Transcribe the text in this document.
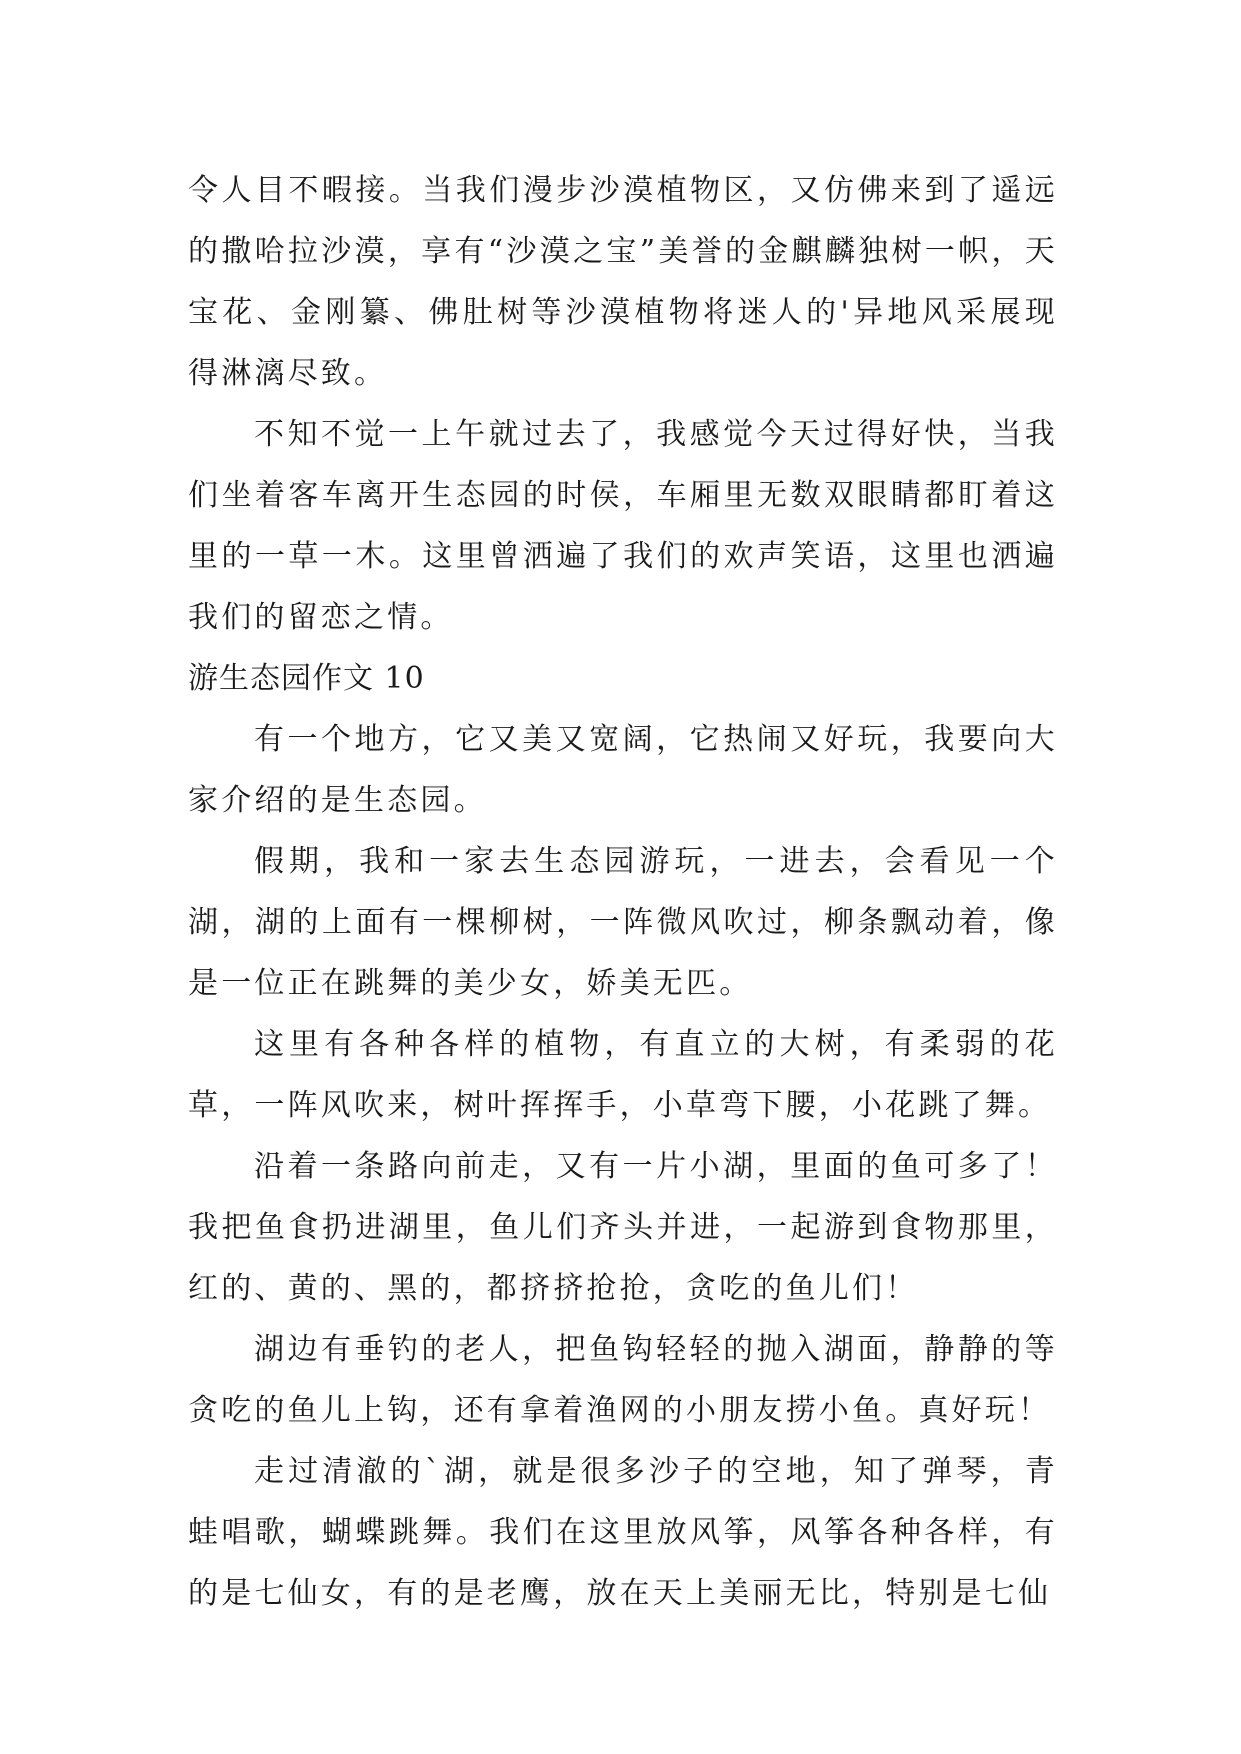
令人目不暇接。当我们漫步沙漠植物区，又仿佛来到了遥远的撒哈拉沙漠，享有“沙漠之宝”美誉的金麒麟独树一帜，天宝花、金刚纂、佛肚树等沙漠植物将迷人的'异地风采展现得淋漓尽致。

不知不觉一上午就过去了，我感觉今天过得好快，当我们坐着客车离开生态园的时侯，车厢里无数双眼睛都盯着这里的一草一木。这里曾洒遍了我们的欢声笑语，这里也洒遍我们的留恋之情。

游生态园作文 10

有一个地方，它又美又宽阔，它热闹又好玩，我要向大家介绍的是生态园。

假期，我和一家去生态园游玩，一进去，会看见一个湖，湖的上面有一棵柳树，一阵微风吹过，柳条飘动着，像是一位正在跳舞的美少女，娇美无匹。

这里有各种各样的植物，有直立的大树，有柔弱的花草，一阵风吹来，树叶挥挥手，小草弯下腰，小花跳了舞。

沿着一条路向前走，又有一片小湖，里面的鱼可多了！我把鱼食扔进湖里，鱼儿们齐头并进，一起游到食物那里，红的、黄的、黑的，都挤挤抢抢，贪吃的鱼儿们！

湖边有垂钓的老人，把鱼钩轻轻的抛入湖面，静静的等贪吃的鱼儿上钩，还有拿着渔网的小朋友捞小鱼。真好玩！

走过清澈的`湖，就是很多沙子的空地，知了弹琴，青蛙唱歌，蝴蝶跳舞。我们在这里放风筝，风筝各种各样，有的是七仙女，有的是老鹰，放在天上美丽无比，特别是七仙
